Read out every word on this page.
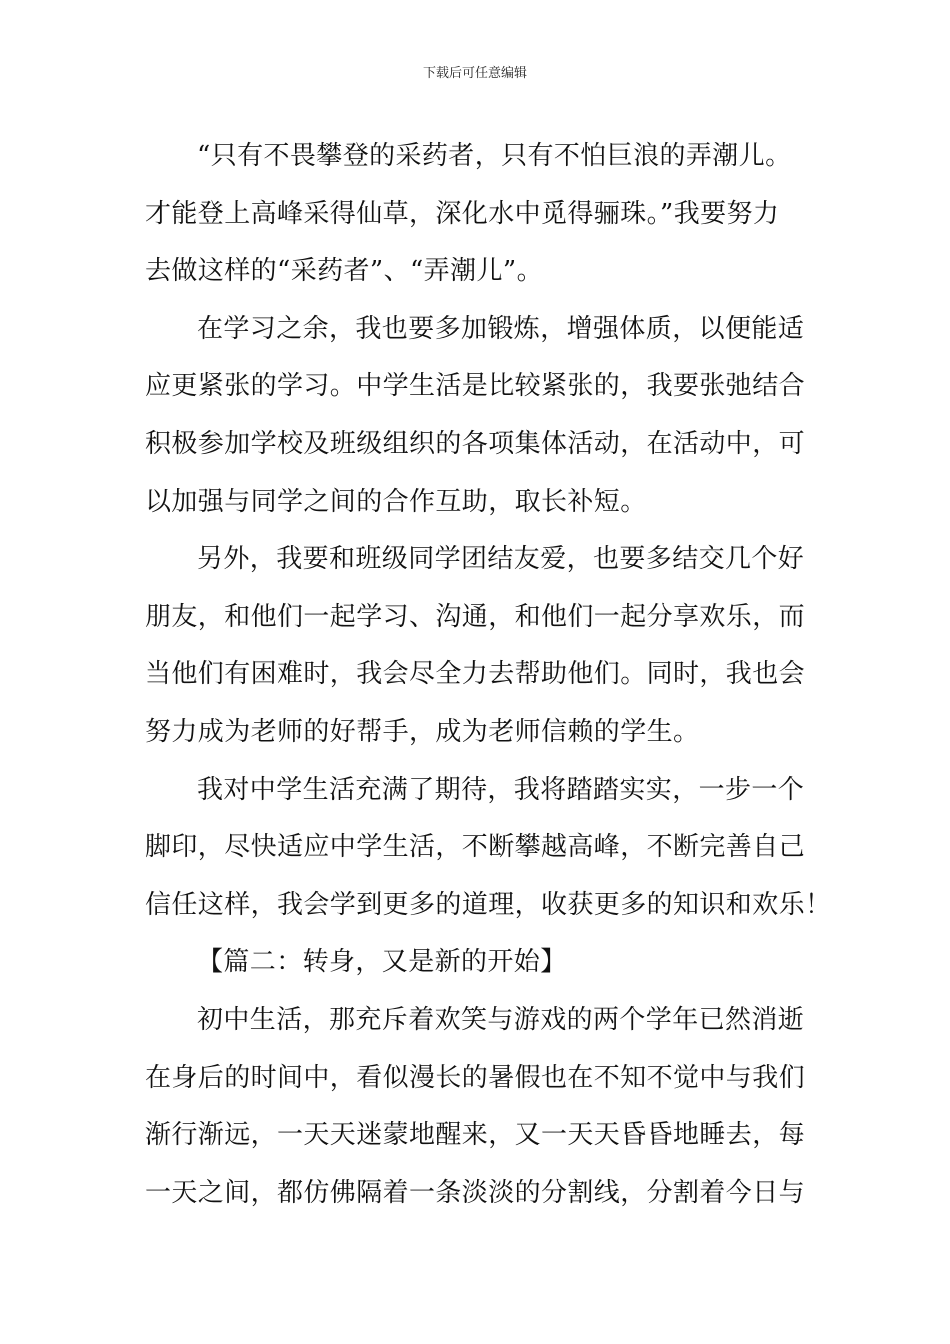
下载后可任意编辑
“只有不畏攀登的采药者，只有不怕巨浪的弄潮儿。
才能登上高峰采得仙草，深化水中觅得骊珠。”我要努力
去做这样的“采药者”、“弄潮儿”。
在学习之余，我也要多加锻炼，增强体质，以便能适
应更紧张的学习。中学生活是比较紧张的，我要张弛结合
积极参加学校及班级组织的各项集体活动，在活动中，可
以加强与同学之间的合作互助，取长补短。
另外，我要和班级同学团结友爱，也要多结交几个好
朋友，和他们一起学习、沟通，和他们一起分享欢乐，而
当他们有困难时，我会尽全力去帮助他们。同时，我也会
努力成为老师的好帮手，成为老师信赖的学生。
我对中学生活充满了期待，我将踏踏实实，一步一个
脚印，尽快适应中学生活，不断攀越高峰，不断完善自己
信任这样，我会学到更多的道理，收获更多的知识和欢乐！
【篇二：转身，又是新的开始】
初中生活，那充斥着欢笑与游戏的两个学年已然消逝
在身后的时间中，看似漫长的暑假也在不知不觉中与我们
渐行渐远，一天天迷蒙地醒来，又一天天昏昏地睡去，每
一天之间，都仿佛隔着一条淡淡的分割线，分割着今日与
